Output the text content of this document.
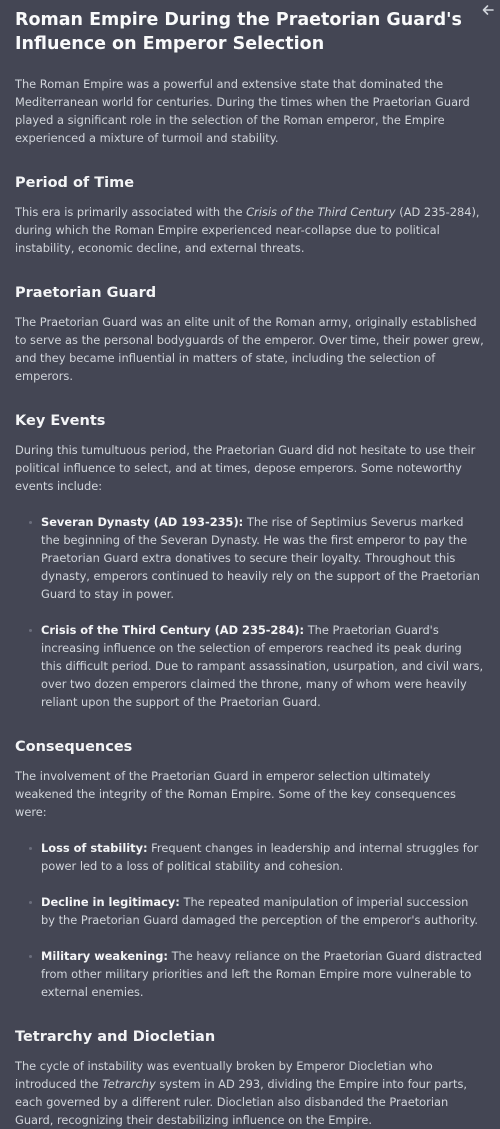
Roman Empire During the Praetorian Guard's Influence on Emperor Selection

The Roman Empire was a powerful and extensive state that dominated the Mediterranean world for centuries. During the times when the Praetorian Guard played a significant role in the selection of the Roman emperor, the Empire experienced a mixture of turmoil and stability.

Period of Time

This era is primarily associated with the Crisis of the Third Century (AD 235-284), during which the Roman Empire experienced near-collapse due to political instability, economic decline, and external threats.

Praetorian Guard

The Praetorian Guard was an elite unit of the Roman army, originally established to serve as the personal bodyguards of the emperor. Over time, their power grew, and they became influential in matters of state, including the selection of emperors.

Key Events

During this tumultuous period, the Praetorian Guard did not hesitate to use their political influence to select, and at times, depose emperors. Some noteworthy events include:

Severan Dynasty (AD 193-235): The rise of Septimius Severus marked the beginning of the Severan Dynasty. He was the first emperor to pay the Praetorian Guard extra donatives to secure their loyalty. Throughout this dynasty, emperors continued to heavily rely on the support of the Praetorian Guard to stay in power.
Crisis of the Third Century (AD 235-284): The Praetorian Guard's increasing influence on the selection of emperors reached its peak during this difficult period. Due to rampant assassination, usurpation, and civil wars, over two dozen emperors claimed the throne, many of whom were heavily reliant upon the support of the Praetorian Guard.
Consequences

The involvement of the Praetorian Guard in emperor selection ultimately weakened the integrity of the Roman Empire. Some of the key consequences were:

Loss of stability: Frequent changes in leadership and internal struggles for power led to a loss of political stability and cohesion.
Decline in legitimacy: The repeated manipulation of imperial succession by the Praetorian Guard damaged the perception of the emperor's authority.
Military weakening: The heavy reliance on the Praetorian Guard distracted from other military priorities and left the Roman Empire more vulnerable to external enemies.
Tetrarchy and Diocletian

The cycle of instability was eventually broken by Emperor Diocletian who introduced the Tetrarchy system in AD 293, dividing the Empire into four parts, each governed by a different ruler. Diocletian also disbanded the Praetorian Guard, recognizing their destabilizing influence on the Empire.
